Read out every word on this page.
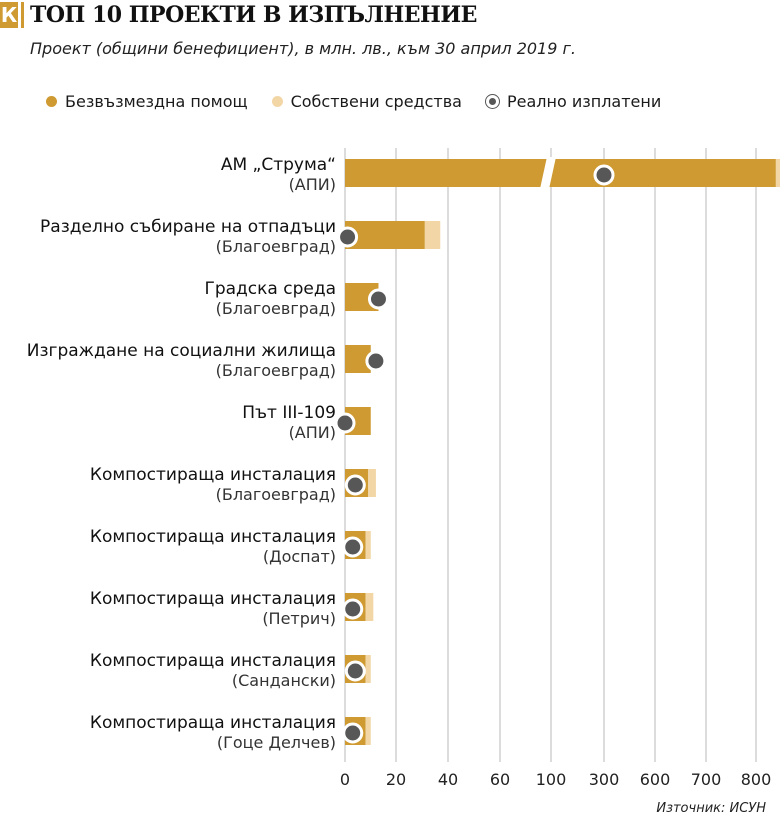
К ТОП 10 ПРОЕКТИ В ИЗПЪЛНЕНИЕ
Проект (общини бенефициент), в млн. лв., към 30 април 2019 г.
Безвъзмездна помощ	Собствени средства	Реално изплатени
АМ „Струма“
(АПИ)
Разделно събиране на отпадъци
(Благоевград)
Градска среда
(Благоевград)
Изграждане на социални жилища
(Благоевград)
Път III-109
(АПИ)
Компостираща инсталация
(Благоевград)
Компостираща инсталация
(Доспат)
Компостираща инсталация
(Петрич)
Компостираща инсталация
(Сандански)
Компостираща инсталация
(Гоце Делчев)
0 20 40 60 100 300 600 700 800
Източник: ИСУН
